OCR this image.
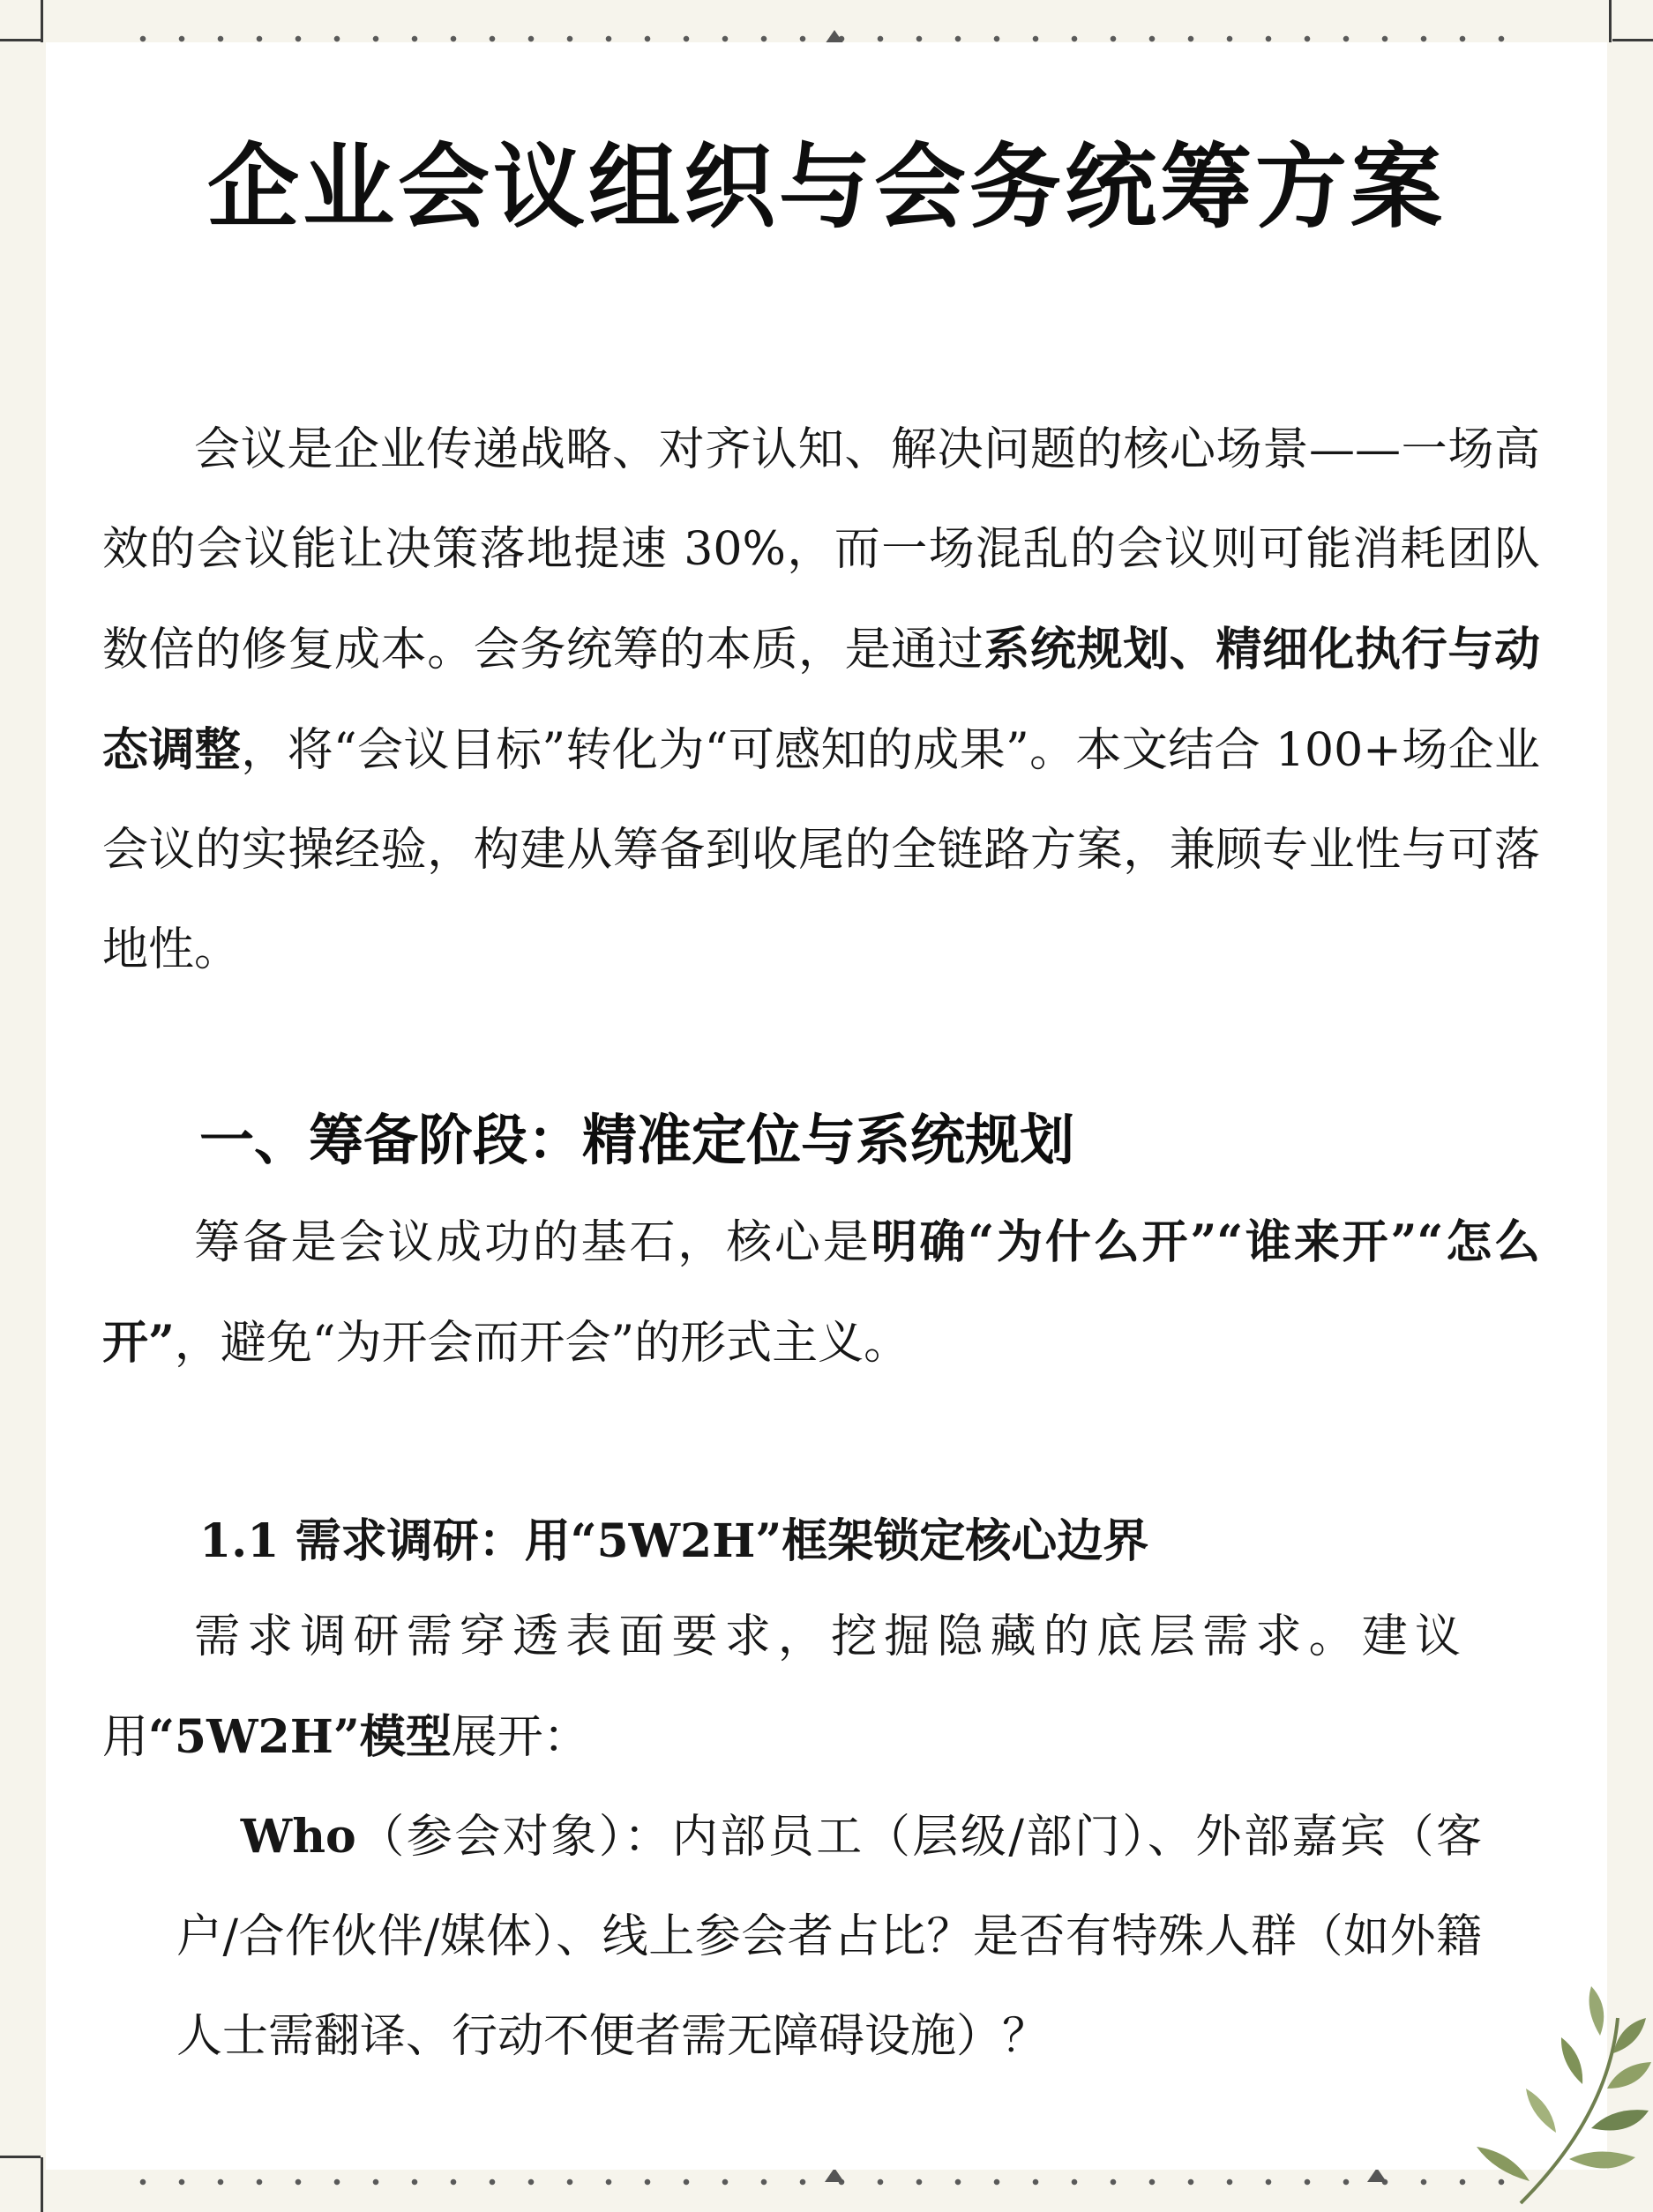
企业会议组织与会务统筹方案

会议是企业传递战略、对齐认知、解决问题的核心场景——一场高效的会议能让决策落地提速 30%，而一场混乱的会议则可能消耗团队数倍的修复成本。会务统筹的本质，是通过系统规划、精细化执行与动态调整，将“会议目标”转化为“可感知的成果”。本文结合 100+场企业会议的实操经验，构建从筹备到收尾的全链路方案，兼顾专业性与可落地性。

一、筹备阶段：精准定位与系统规划

筹备是会议成功的基石，核心是明确“为什么开”“谁来开”“怎么开”，避免“为开会而开会”的形式主义。

1.1 需求调研：用“5W2H”框架锁定核心边界

需求调研需穿透表面要求，挖掘隐藏的底层需求。建议用“5W2H”模型展开：

Who（参会对象）：内部员工（层级/部门）、外部嘉宾（客户/合作伙伴/媒体）、线上参会者占比？是否有特殊人群（如外籍人士需翻译、行动不便者需无障碍设施）？
